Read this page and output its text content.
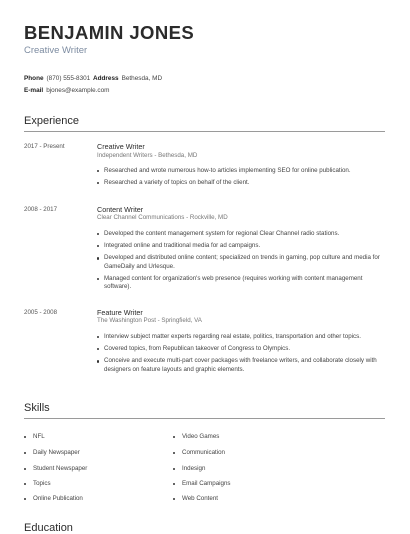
BENJAMIN JONES
Creative Writer
Phone (870) 555-8301 Address Bethesda, MD
E-mail bjones@example.com
Experience
2017 - Present	Creative Writer
Independent Writers - Bethesda, MD
Researched and wrote numerous how-to articles implementing SEO for online publication.
Researched a variety of topics on behalf of the client.
2008 - 2017	Content Writer
Clear Channel Communications - Rockville, MD
Developed the content management system for regional Clear Channel radio stations.
Integrated online and traditional media for ad campaigns.
Developed and distributed online content; specialized on trends in gaming, pop culture and media for GameDaily and Urlesque.
Managed content for organization's web presence (requires working with content management software).
2005 - 2008	Feature Writer
The Washington Post - Springfield, VA
Interview subject matter experts regarding real estate, politics, transportation and other topics.
Covered topics, from Republican takeover of Congress to Olympics.
Conceive and execute multi-part cover packages with freelance writers, and collaborate closely with designers on feature layouts and graphic elements.
Skills
NFL
Daily Newspaper
Student Newspaper
Topics
Online Publication
Video Games
Communication
Indesign
Email Campaigns
Web Content
Education
